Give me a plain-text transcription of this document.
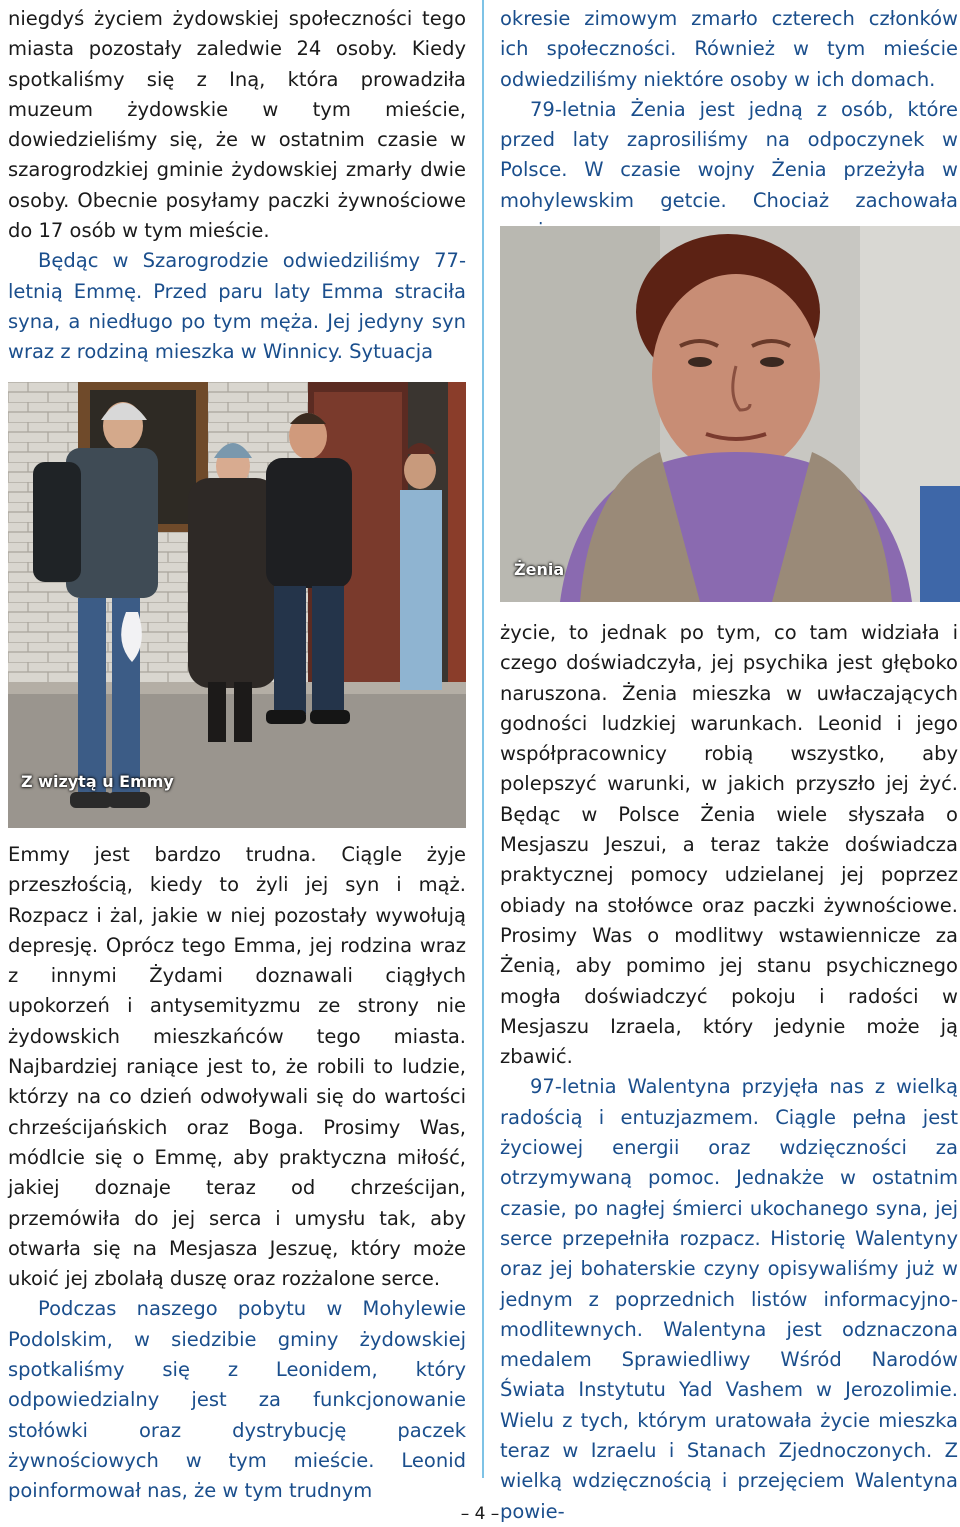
niegdyś życiem żydowskiej społeczności tego miasta pozostały zaledwie 24 osoby. Kiedy spotkaliśmy się z Iną, która prowadziła muzeum żydowskie w tym mieście, dowiedzieliśmy się, że w ostatnim czasie w szarogrodzkiej gminie żydowskiej zmarły dwie osoby. Obecnie posyłamy paczki żywnościowe do 17 osób w tym mieście.

Będąc w Szarogrodzie odwiedziliśmy 77-letnią Emmę. Przed paru laty Emma straciła syna, a niedługo po tym męża. Jej jedyny syn wraz z rodziną mieszka w Winnicy. Sytuacja

Z wizytą u Emmy

Emmy jest bardzo trudna. Ciągle żyje przeszłością, kiedy to żyli jej syn i mąż. Rozpacz i żal, jakie w niej pozostały wywołują depresję. Oprócz tego Emma, jej rodzina wraz z innymi Żydami doznawali ciągłych upokorzeń i antysemityzmu ze strony nie żydowskich mieszkańców tego miasta. Najbardziej raniące jest to, że robili to ludzie, którzy na co dzień odwoływali się do wartości chrześcijańskich oraz Boga. Prosimy Was, módlcie się o Emmę, aby praktyczna miłość, jakiej doznaje teraz od chrześcijan, przemówiła do jej serca i umysłu tak, aby otwarła się na Mesjasza Jeszuę, który może ukoić jej zbolałą duszę oraz rozżalone serce.

Podczas naszego pobytu w Mohylewie Podolskim, w siedzibie gminy żydowskiej spotkaliśmy się z Leonidem, który odpowiedzialny jest za funkcjonowanie stołówki oraz dystrybucję paczek żywnościowych w tym mieście. Leonid poinformował nas, że w tym trudnym

okresie zimowym zmarło czterech członków ich społeczności. Również w tym mieście odwiedziliśmy niektóre osoby w ich domach.

79-letnia Żenia jest jedną z osób, które przed laty zaprosiliśmy na odpoczynek w Polsce. W czasie wojny Żenia przeżyła w mohylewskim getcie. Chociaż zachowała

Żenia

życie, to jednak po tym, co tam widziała i czego doświadczyła, jej psychika jest głęboko naruszona. Żenia mieszka w uwłaczających godności ludzkiej warunkach. Leonid i jego współpracownicy robią wszystko, aby polepszyć warunki, w jakich przyszło jej żyć. Będąc w Polsce Żenia wiele słyszała o Mesjaszu Jeszui, a teraz także doświadcza praktycznej pomocy udzielanej jej poprzez obiady na stołówce oraz paczki żywnościowe. Prosimy Was o modlitwy wstawiennicze za Żenią, aby pomimo jej stanu psychicznego mogła doświadczyć pokoju i radości w Mesjaszu Izraela, który jedynie może ją zbawić.

97-letnia Walentyna przyjęła nas z wielką radością i entuzjazmem. Ciągle pełna jest życiowej energii oraz wdzięczności za otrzymywaną pomoc. Jednakże w ostatnim czasie, po nagłej śmierci ukochanego syna, jej serce przepełniła rozpacz. Historię Walentyny oraz jej bohaterskie czyny opisywaliśmy już w jednym z poprzednich listów informacyjno-modlitewnych. Walentyna jest odznaczona medalem Sprawiedliwy Wśród Narodów Świata Instytutu Yad Vashem w Jerozolimie. Wielu z tych, którym uratowała życie mieszka teraz w Izraelu i Stanach Zjednoczonych. Z wielką wdzięcznością i przejęciem Walentyna powie-

– 4 –
